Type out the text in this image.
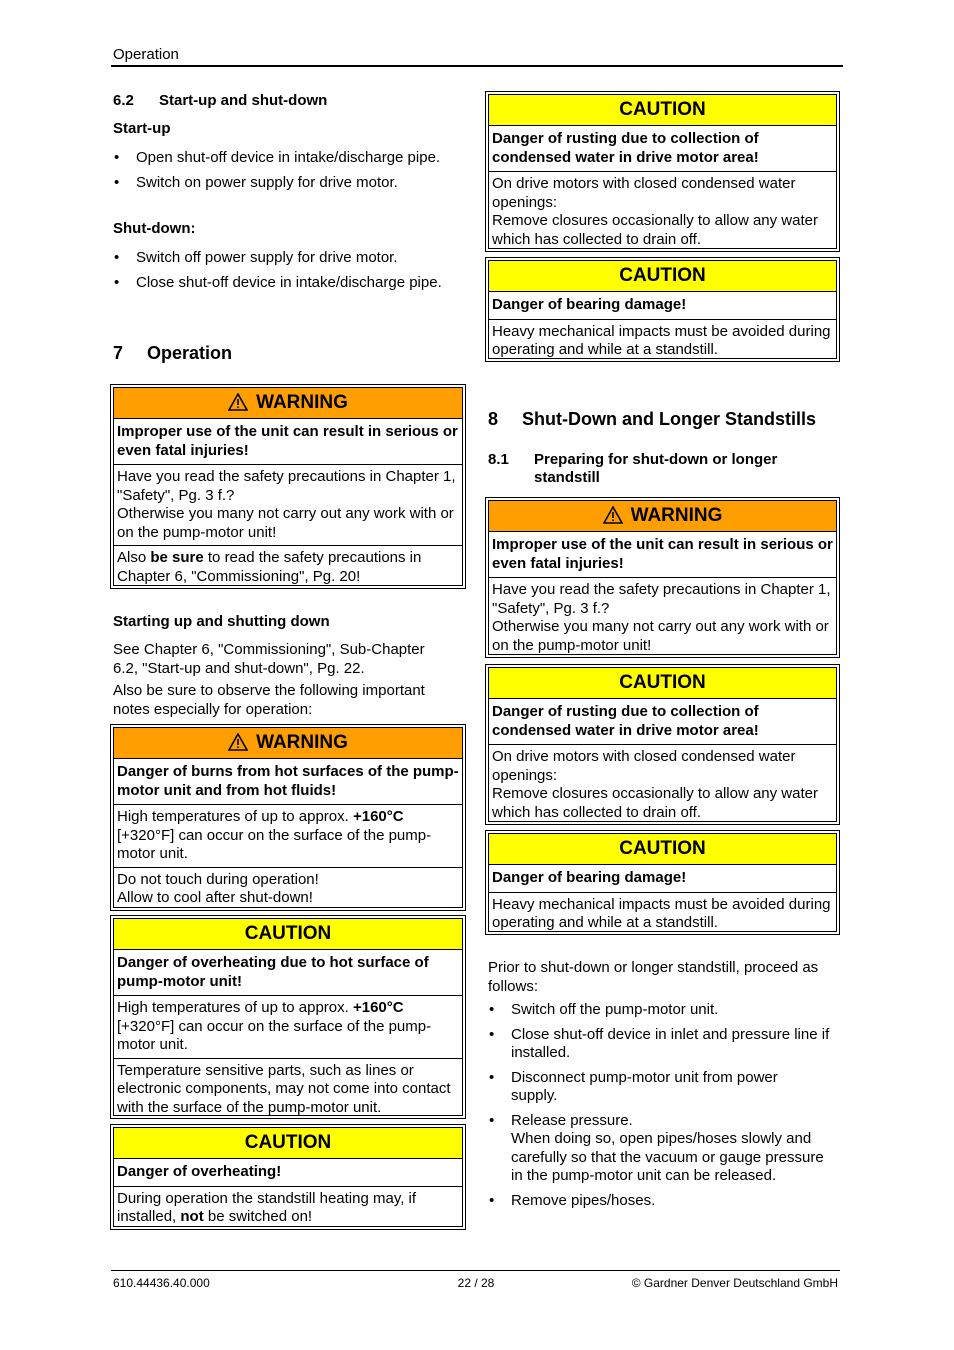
Operation
6.2 Start-up and shut-down
Start-up
• Open shut-off device in intake/discharge pipe.
• Switch on power supply for drive motor.
Shut-down:
• Switch off power supply for drive motor.
• Close shut-off device in intake/discharge pipe.
7 Operation
WARNING
Improper use of the unit can result in serious or even fatal injuries!
Have you read the safety precautions in Chapter 1, "Safety", Pg. 3 f.?
Otherwise you many not carry out any work with or on the pump-motor unit!
Also be sure to read the safety precautions in Chapter 6, "Commissioning", Pg. 20!
Starting up and shutting down
See Chapter 6, "Commissioning", Sub-Chapter 6.2, "Start-up and shut-down", Pg. 22.
Also be sure to observe the following important notes especially for operation:
WARNING
Danger of burns from hot surfaces of the pump-motor unit and from hot fluids!
High temperatures of up to approx. +160°C [+320°F] can occur on the surface of the pump-motor unit.
Do not touch during operation!
Allow to cool after shut-down!
CAUTION
Danger of overheating due to hot surface of pump-motor unit!
High temperatures of up to approx. +160°C [+320°F] can occur on the surface of the pump-motor unit.
Temperature sensitive parts, such as lines or electronic components, may not come into contact with the surface of the pump-motor unit.
CAUTION
Danger of overheating!
During operation the standstill heating may, if installed, not be switched on!
CAUTION
Danger of rusting due to collection of condensed water in drive motor area!
On drive motors with closed condensed water openings:
Remove closures occasionally to allow any water which has collected to drain off.
CAUTION
Danger of bearing damage!
Heavy mechanical impacts must be avoided during operating and while at a standstill.
8 Shut-Down and Longer Standstills
8.1 Preparing for shut-down or longer standstill
WARNING
Improper use of the unit can result in serious or even fatal injuries!
Have you read the safety precautions in Chapter 1, "Safety", Pg. 3 f.?
Otherwise you many not carry out any work with or on the pump-motor unit!
CAUTION
Danger of rusting due to collection of condensed water in drive motor area!
On drive motors with closed condensed water openings:
Remove closures occasionally to allow any water which has collected to drain off.
CAUTION
Danger of bearing damage!
Heavy mechanical impacts must be avoided during operating and while at a standstill.
Prior to shut-down or longer standstill, proceed as follows:
• Switch off the pump-motor unit.
• Close shut-off device in inlet and pressure line if installed.
• Disconnect pump-motor unit from power supply.
• Release pressure.
When doing so, open pipes/hoses slowly and carefully so that the vacuum or gauge pressure in the pump-motor unit can be released.
• Remove pipes/hoses.
610.44436.40.000	22 / 28	© Gardner Denver Deutschland GmbH
